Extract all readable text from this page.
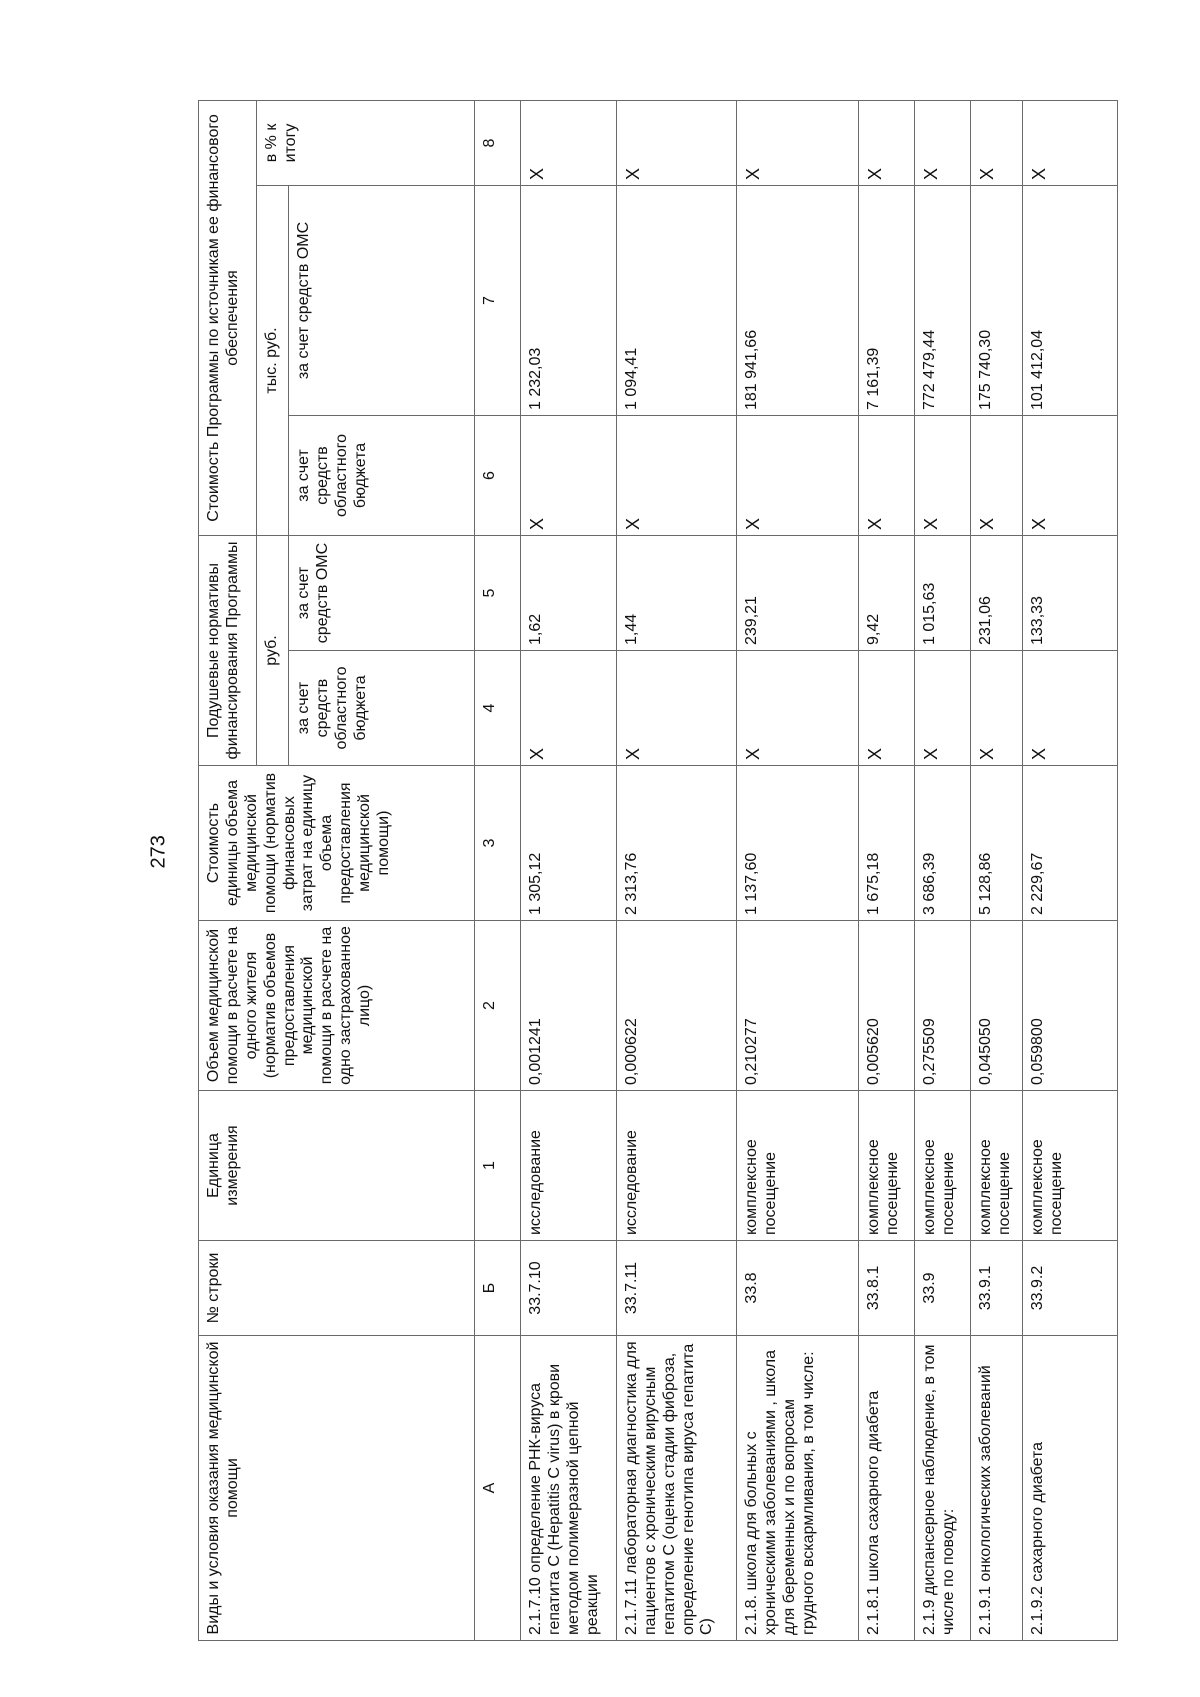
273
Виды и условия оказания медицинской помощи	№ строки	Единица измерения	Объем медицинской помощи в расчете на одного жителя (норматив объемов предоставления медицинской помощи в расчете на одно застрахованное лицо)	Стоимость единицы объема медицинской помощи (норматив финансовых затрат на единицу объема предоставления медицинской помощи)	Подушевые нормативы финансирования Программы		Стоимость Программы по источникам ее финансового обеспечения		
					руб.		тыс. руб.		в % к итогу
					за счет средств областного бюджета	за счет средств ОМС	за счет средств областного бюджета	за счет средств ОМС	
А	Б	1	2	3	4	5	6	7	8
2.1.7.10 определение РНК-вируса гепатита С (Hepatitis C virus) в крови методом полимеразной цепной реакции	33.7.10	исследование	0,001241	1 305,12	Х	1,62	Х	1 232,03	Х
2.1.7.11 лабораторная диагностика для пациентов с хроническим вирусным гепатитом С (оценка стадии фиброза, определение генотипа вируса гепатита С)	33.7.11	исследование	0,000622	2 313,76	Х	1,44	Х	1 094,41	Х
2.1.8. школа для больных с хроническими заболеваниями , школа для беременных и по вопросам грудного вскармливания, в том числе:	33.8	комплексное посещение	0,210277	1 137,60	Х	239,21	Х	181 941,66	Х
2.1.8.1 школа сахарного диабета	33.8.1	комплексное посещение	0,005620	1 675,18	Х	9,42	Х	7 161,39	Х
2.1.9 диспансерное наблюдение, в том числе по поводу:	33.9	комплексное посещение	0,275509	3 686,39	Х	1 015,63	Х	772 479,44	Х
2.1.9.1 онкологических заболеваний	33.9.1	комплексное посещение	0,045050	5 128,86	Х	231,06	Х	175 740,30	Х
2.1.9.2 сахарного диабета	33.9.2	комплексное посещение	0,059800	2 229,67	Х	133,33	Х	101 412,04	Х
